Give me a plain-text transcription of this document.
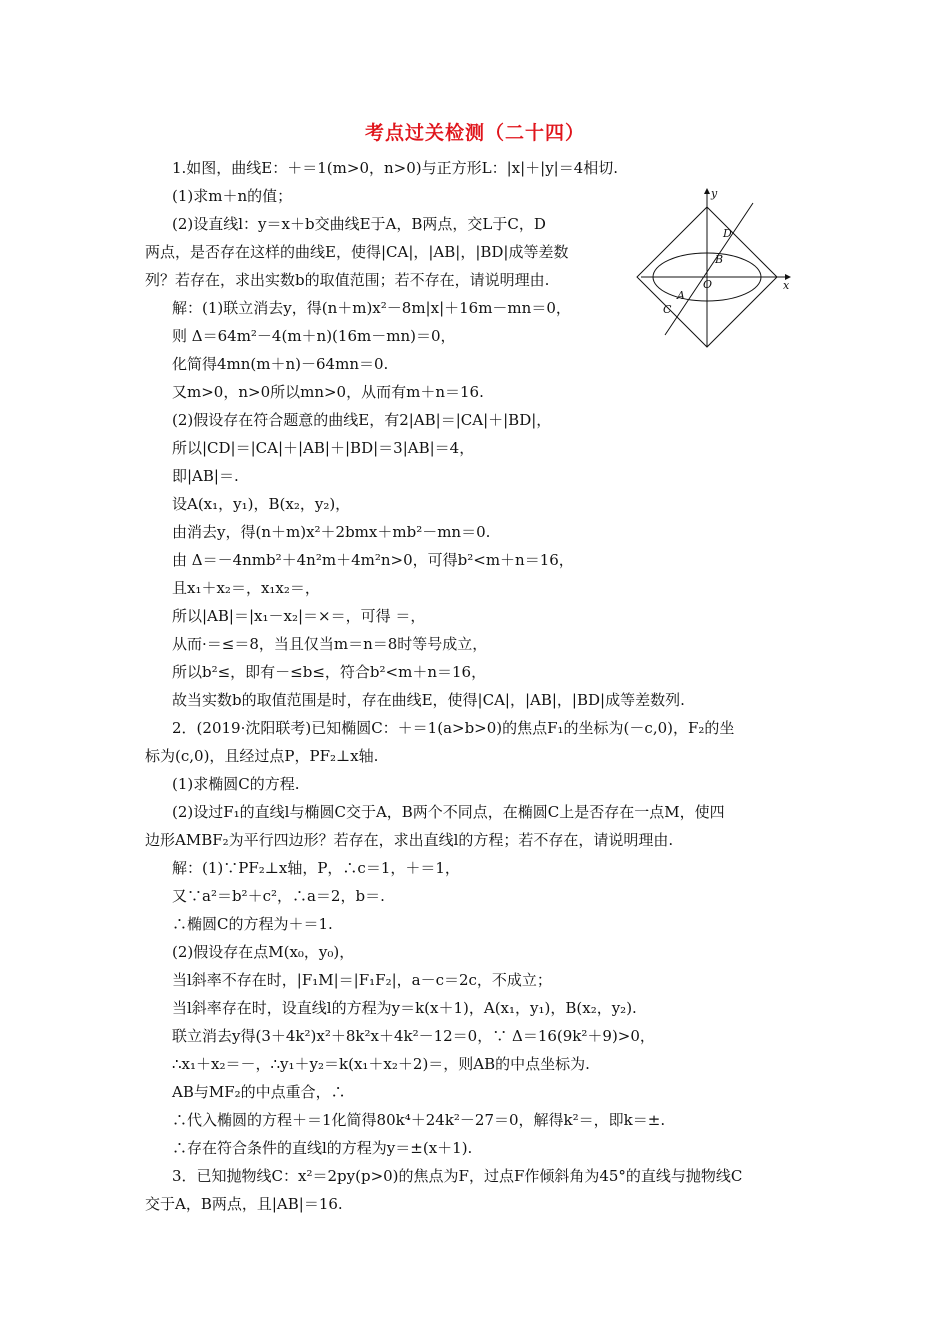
考点过关检测（二十四）
1.如图，曲线E：＋＝1(m>0，n>0)与正方形L：|x|＋|y|＝4相切.
(1)求m＋n的值；
(2)设直线l：y＝x＋b交曲线E于A，B两点，交L于C，D
两点，是否存在这样的曲线E，使得|CA|，|AB|，|BD|成等差数
列？若存在，求出实数b的取值范围；若不存在，请说明理由.
解：(1)联立消去y，得(n＋m)x²－8m|x|＋16m－mn＝0，
则 Δ＝64m²－4(m＋n)(16m－mn)＝0，
化简得4mn(m＋n)－64mn＝0.
又m>0，n>0所以mn>0，从而有m＋n＝16.
(2)假设存在符合题意的曲线E，有2|AB|＝|CA|＋|BD|，
所以|CD|＝|CA|＋|AB|＋|BD|＝3|AB|＝4，
即|AB|＝.
设A(x₁，y₁)，B(x₂，y₂)，
由消去y，得(n＋m)x²＋2bmx＋mb²－mn＝0.
由 Δ＝－4nmb²＋4n²m＋4m²n>0，可得b²<m＋n＝16，
且x₁＋x₂＝，x₁x₂＝，
所以|AB|＝|x₁－x₂|＝×＝，可得 ＝，
从而·＝≤＝8，当且仅当m＝n＝8时等号成立，
所以b²≤，即有－≤b≤，符合b²<m＋n＝16，
故当实数b的取值范围是时，存在曲线E，使得|CA|，|AB|，|BD|成等差数列.
2．(2019·沈阳联考)已知椭圆C：＋＝1(a>b>0)的焦点F₁的坐标为(－c,0)，F₂的坐
标为(c,0)，且经过点P，PF₂⊥x轴.
(1)求椭圆C的方程.
(2)设过F₁的直线l与椭圆C交于A，B两个不同点，在椭圆C上是否存在一点M，使四
边形AMBF₂为平行四边形？若存在，求出直线l的方程；若不存在，请说明理由.
解：(1)∵PF₂⊥x轴，P，∴c＝1，＋＝1，
又∵a²＝b²＋c²，∴a＝2，b＝.
∴椭圆C的方程为＋＝1.
(2)假设存在点M(x₀，y₀)，
当l斜率不存在时，|F₁M|＝|F₁F₂|，a－c＝2c，不成立；
当l斜率存在时，设直线l的方程为y＝k(x＋1)，A(x₁，y₁)，B(x₂，y₂).
联立消去y得(3＋4k²)x²＋8k²x＋4k²－12＝0，∵ Δ＝16(9k²＋9)>0，
∴x₁＋x₂＝－，∴y₁＋y₂＝k(x₁＋x₂＋2)＝，则AB的中点坐标为.
AB与MF₂的中点重合，∴
∴代入椭圆的方程＋＝1化简得80k⁴＋24k²－27＝0，解得k²＝，即k＝±.
∴存在符合条件的直线l的方程为y＝±(x＋1).
3．已知抛物线C：x²＝2py(p>0)的焦点为F，过点F作倾斜角为45°的直线与抛物线C
交于A，B两点，且|AB|＝16.
y
x
D
B
O
A
C
